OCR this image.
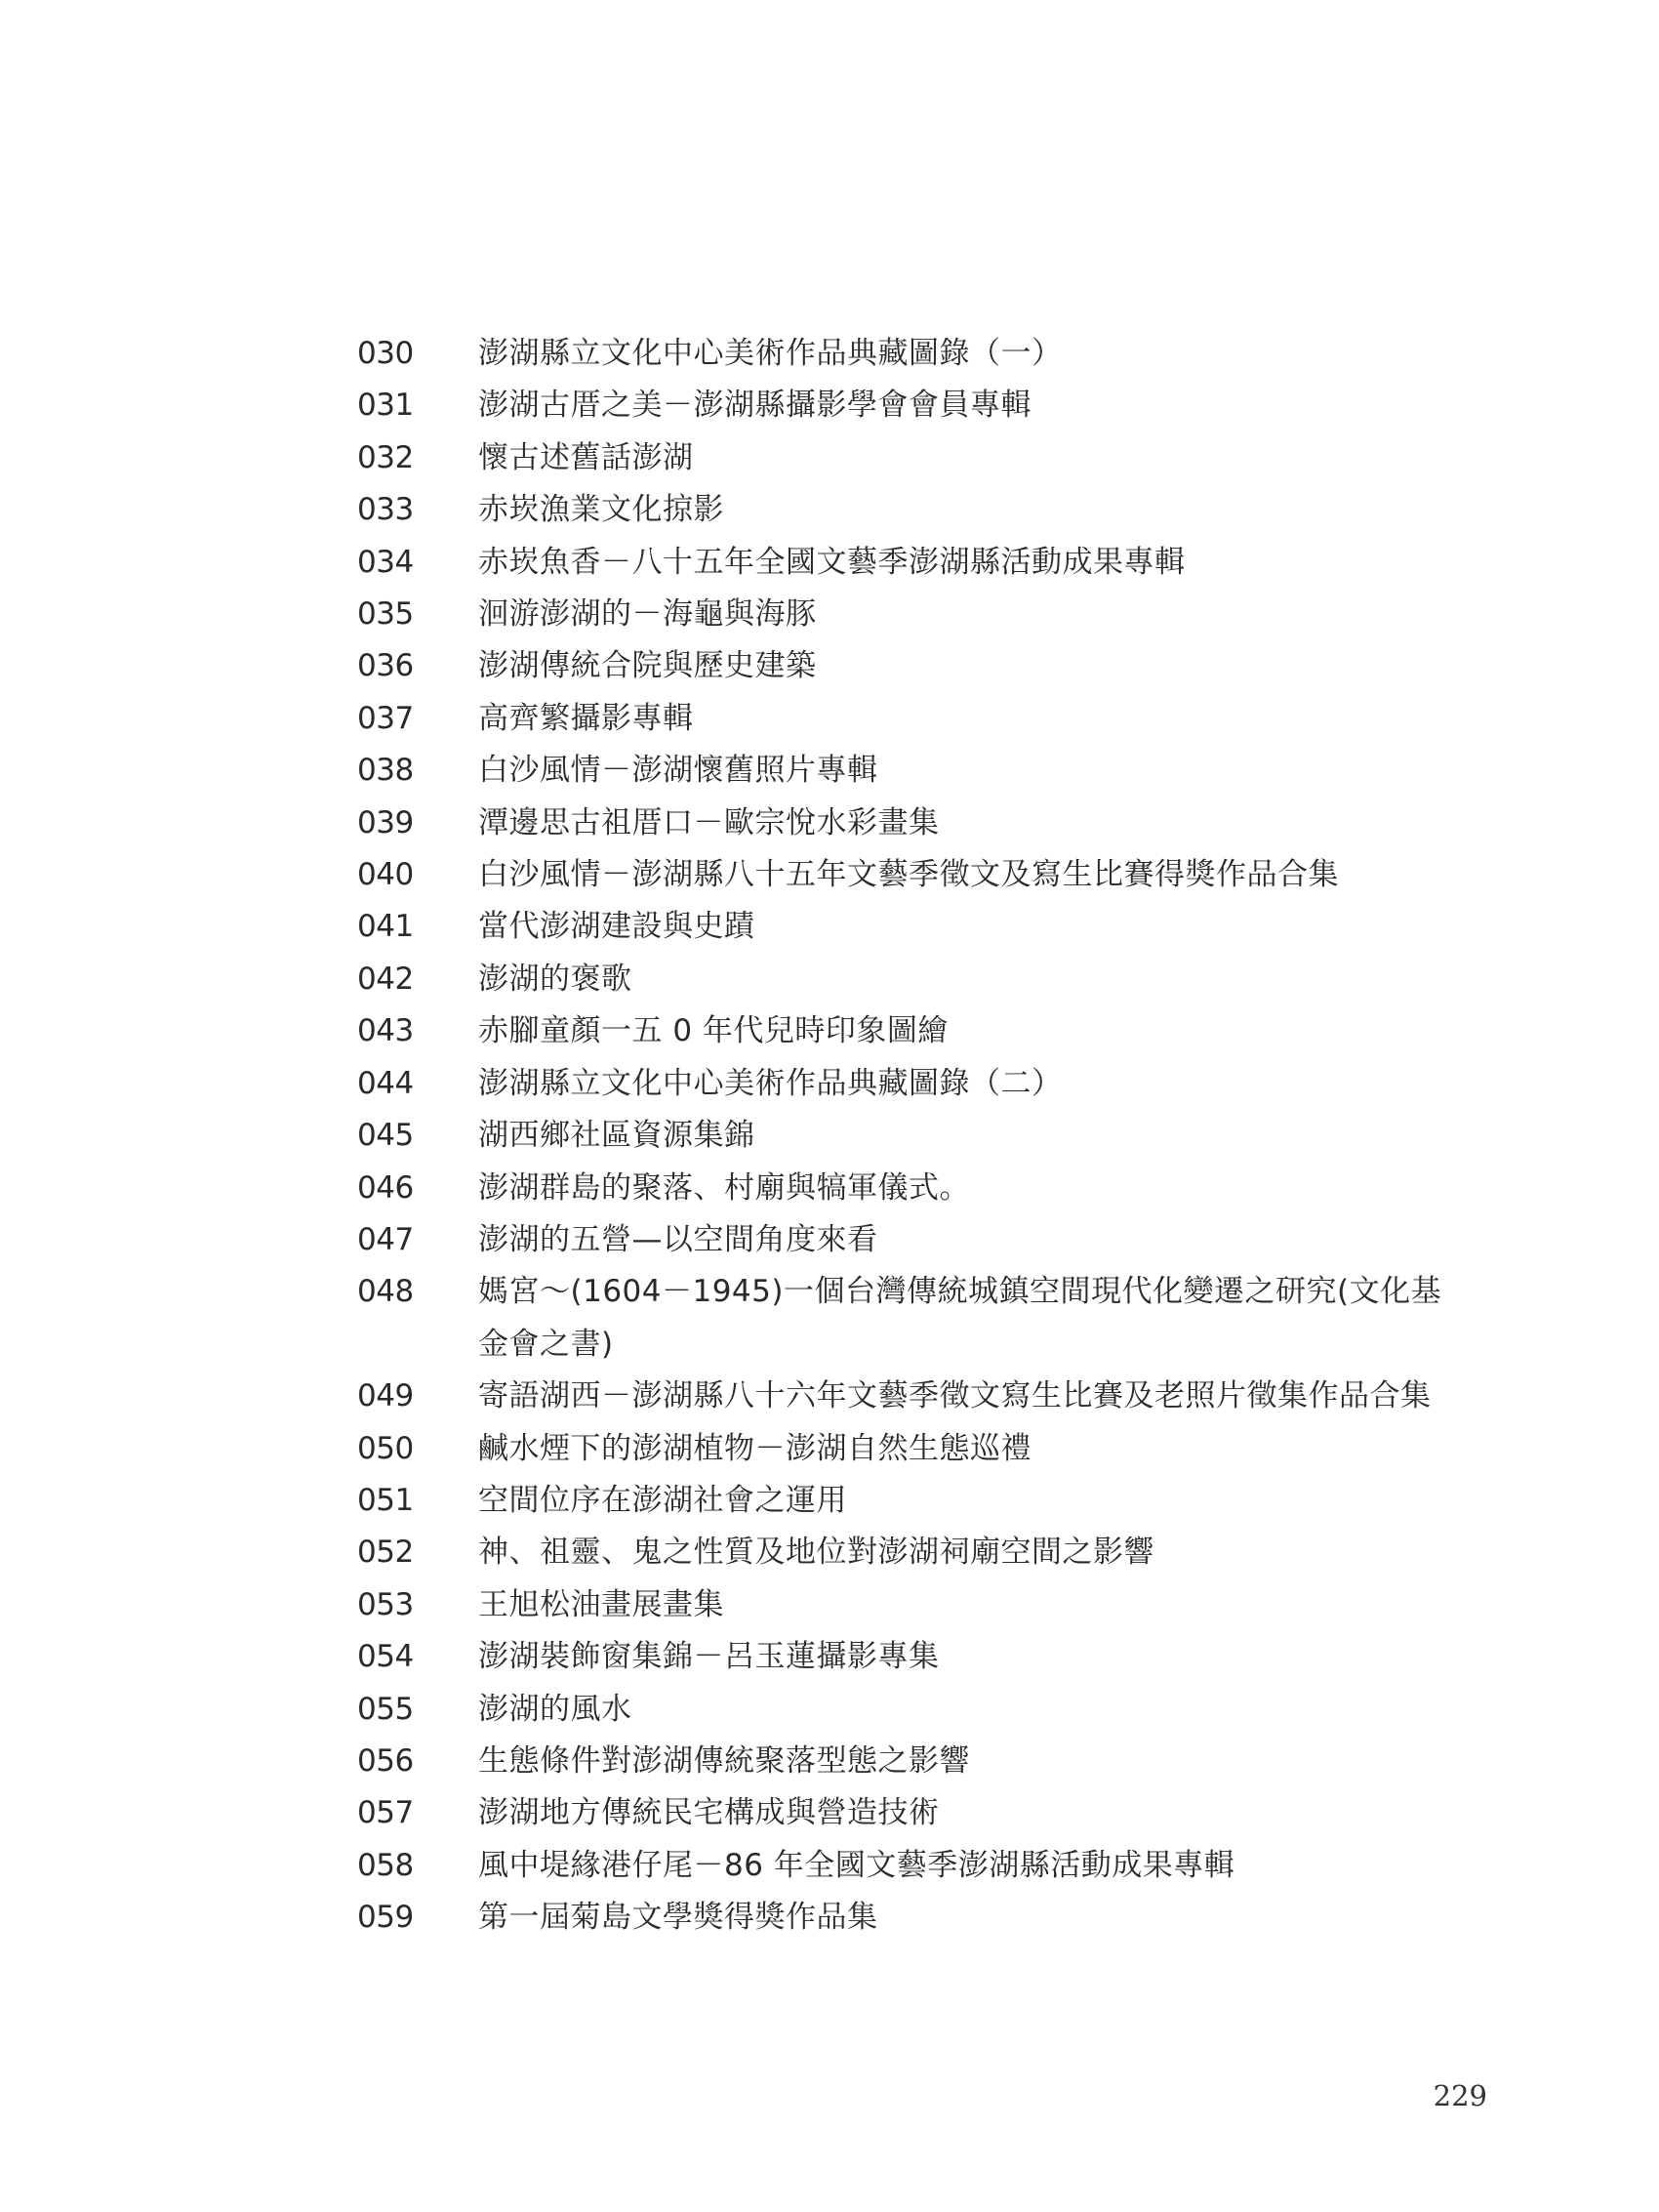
030	澎湖縣立文化中心美術作品典藏圖錄（一）
031	澎湖古厝之美－澎湖縣攝影學會會員專輯
032	懷古述舊話澎湖
033	赤崁漁業文化掠影
034	赤崁魚香－八十五年全國文藝季澎湖縣活動成果專輯
035	洄游澎湖的－海龜與海豚
036	澎湖傳統合院與歷史建築
037	高齊繁攝影專輯
038	白沙風情－澎湖懷舊照片專輯
039	潭邊思古祖厝口－歐宗悅水彩畫集
040	白沙風情－澎湖縣八十五年文藝季徵文及寫生比賽得獎作品合集
041	當代澎湖建設與史蹟
042	澎湖的褒歌
043	赤腳童顏一五 0 年代兒時印象圖繪
044	澎湖縣立文化中心美術作品典藏圖錄（二）
045	湖西鄉社區資源集錦
046	澎湖群島的聚落、村廟與犒軍儀式。
047	澎湖的五營—以空間角度來看
048	媽宮～(1604－1945)一個台灣傳統城鎮空間現代化變遷之研究(文化基金會之書)
049	寄語湖西－澎湖縣八十六年文藝季徵文寫生比賽及老照片徵集作品合集
050	鹹水煙下的澎湖植物－澎湖自然生態巡禮
051	空間位序在澎湖社會之運用
052	神、祖靈、鬼之性質及地位對澎湖祠廟空間之影響
053	王旭松油畫展畫集
054	澎湖裝飾窗集錦－呂玉蓮攝影專集
055	澎湖的風水
056	生態條件對澎湖傳統聚落型態之影響
057	澎湖地方傳統民宅構成與營造技術
058	風中堤緣港仔尾－86 年全國文藝季澎湖縣活動成果專輯
059	第一屆菊島文學獎得獎作品集
229
